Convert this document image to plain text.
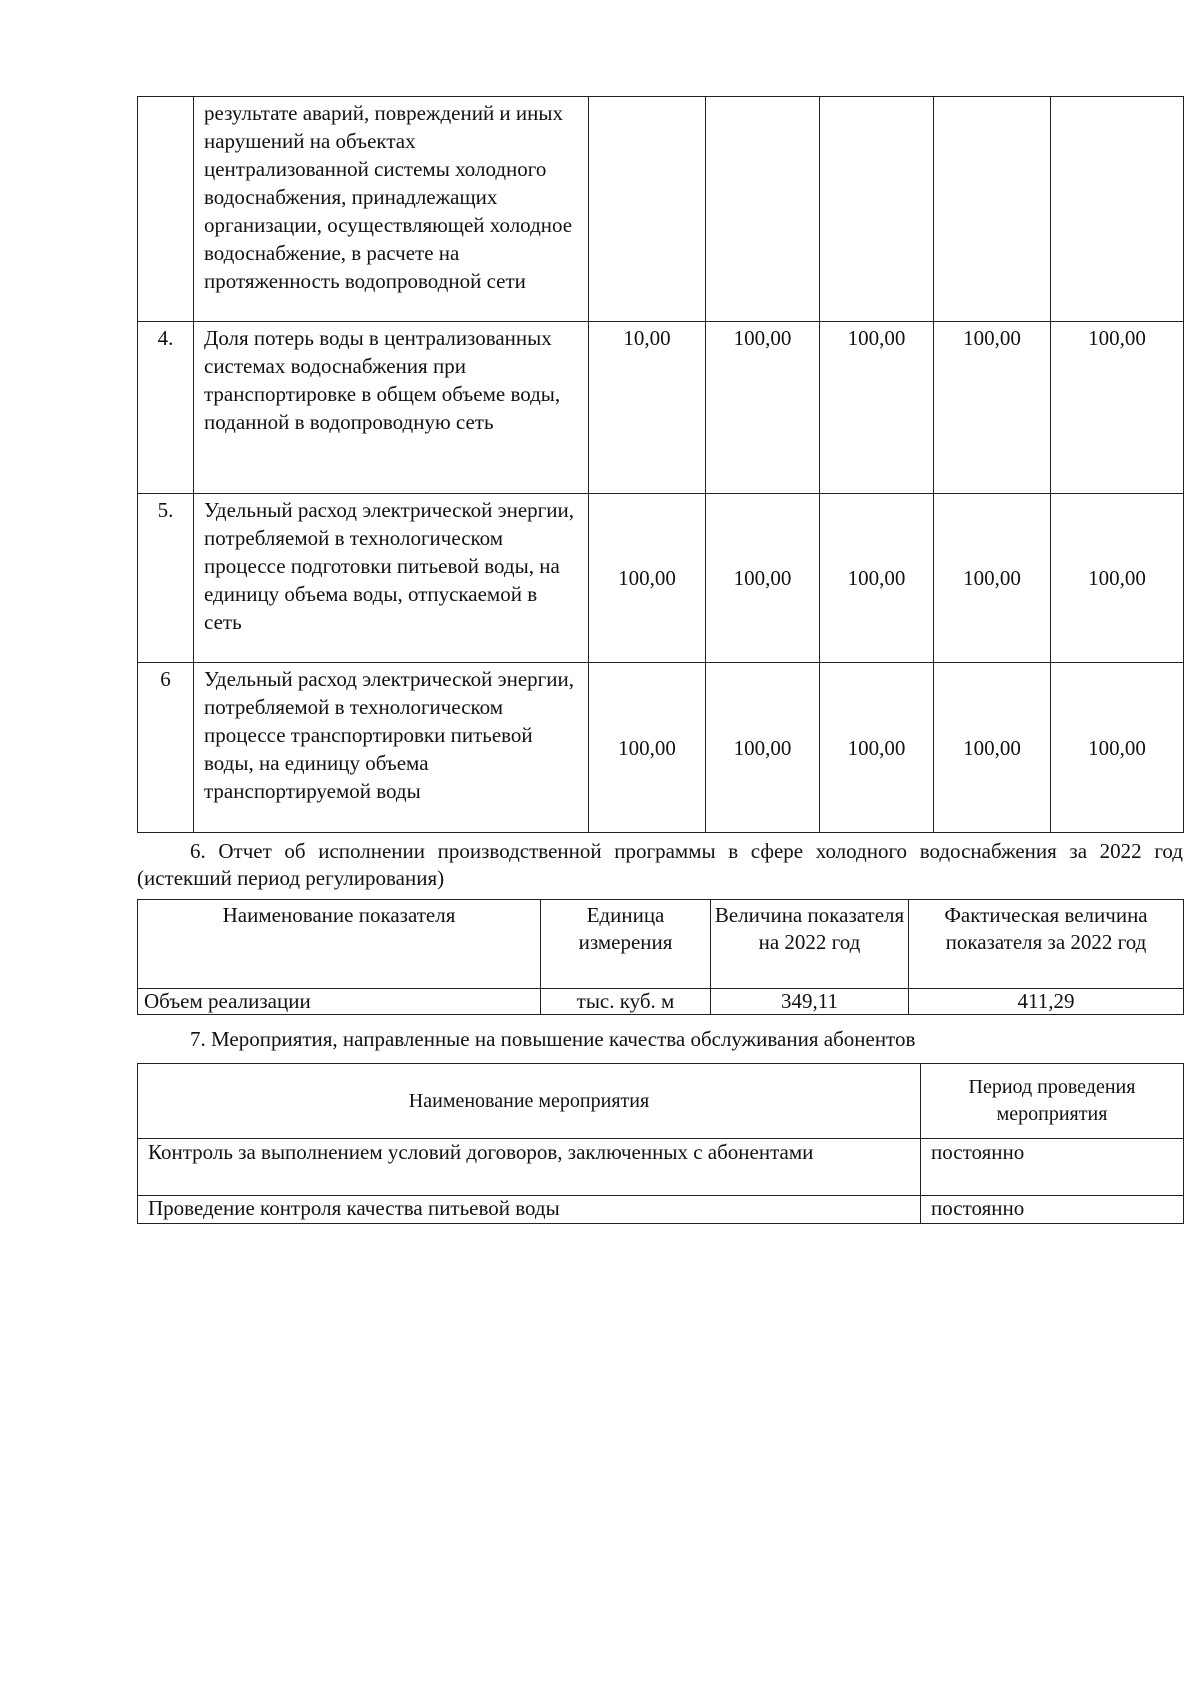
	результате аварий, повреждений и иных нарушений на объектах централизованной системы холодного водоснабжения, принадлежащих организации, осуществляющей холодное водоснабжение, в расчете на протяженность водопроводной сети					
4.	Доля потерь воды в централизованных системах водоснабжения при транспортировке в общем объеме воды, поданной в водопроводную сеть	10,00	100,00	100,00	100,00	100,00
5.	Удельный расход электрической энергии, потребляемой в технологическом процессе подготовки питьевой воды, на единицу объема воды, отпускаемой в сеть	100,00	100,00	100,00	100,00	100,00
6	Удельный расход электрической энергии, потребляемой в технологическом процессе транспортировки питьевой воды, на единицу объема транспортируемой воды	100,00	100,00	100,00	100,00	100,00

6. Отчет об исполнении производственной программы в сфере холодного водоснабжения за 2022 год (истекший период регулирования)

Наименование показателя	Единица измерения	Величина показателя на 2022 год	Фактическая величина показателя за 2022 год
Объем реализации	тыс. куб. м	349,11	411,29

7. Мероприятия, направленные на повышение качества обслуживания абонентов

Наименование мероприятия	Период проведения мероприятия
Контроль за выполнением условий договоров, заключенных с абонентами	постоянно
Проведение контроля качества питьевой воды	постоянно
